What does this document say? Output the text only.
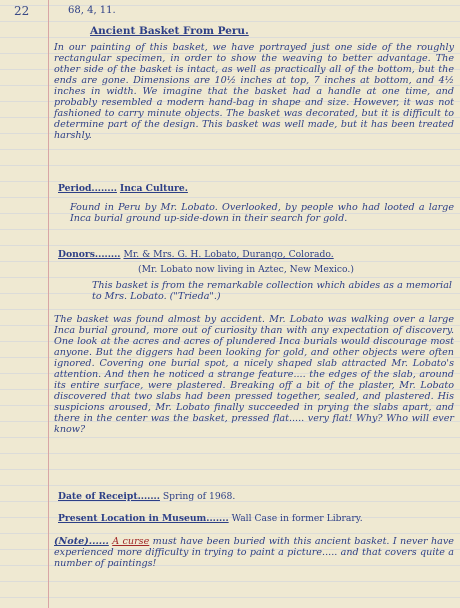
22	68, 4, 11.
Ancient Basket From Peru.
In our painting of this basket, we have portrayed just one side of the roughly rectangular specimen, in order to show the weaving to better advantage. The other side of the basket is intact, as well as practically all of the bottom, but the ends are gone. Dimensions are 10½ inches at top, 7 inches at bottom, and 4½ inches in width. We imagine that the basket had a handle at one time, and probably resembled a modern hand-bag in shape and size. However, it was not fashioned to carry minute objects. The basket was decorated, but it is difficult to determine part of the design. This basket was well made, but it has been treated harshly.
Period........ Inca Culture.
Found in Peru by Mr. Lobato. Overlooked, by people who had looted a large Inca burial ground up-side-down in their search for gold.
Donors........ Mr. & Mrs. G. H. Lobato, Durango, Colorado.
(Mr. Lobato now living in Aztec, New Mexico.)
This basket is from the remarkable collection which abides as a memorial to Mrs. Lobato. ("Trieda".)
The basket was found almost by accident. Mr. Lobato was walking over a large Inca burial ground, more out of curiosity than with any expectation of discovery. One look at the acres and acres of plundered Inca burials would discourage most anyone. But the diggers had been looking for gold, and other objects were often ignored. Covering one burial spot, a nicely shaped slab attracted Mr. Lobato's attention. And then he noticed a strange feature.... the edges of the slab, around its entire surface, were plastered. Breaking off a bit of the plaster, Mr. Lobato discovered that two slabs had been pressed together, sealed, and plastered. His suspicions aroused, Mr. Lobato finally succeeded in prying the slabs apart, and there in the center was the basket, pressed flat..... very flat! Why? Who will ever know?
Date of Receipt....... Spring of 1968.
Present Location in Museum....... Wall Case in former Library.
(Note)...... A curse must have been buried with this ancient basket. I never have experienced more difficulty in trying to paint a picture..... and that covers quite a number of paintings!
